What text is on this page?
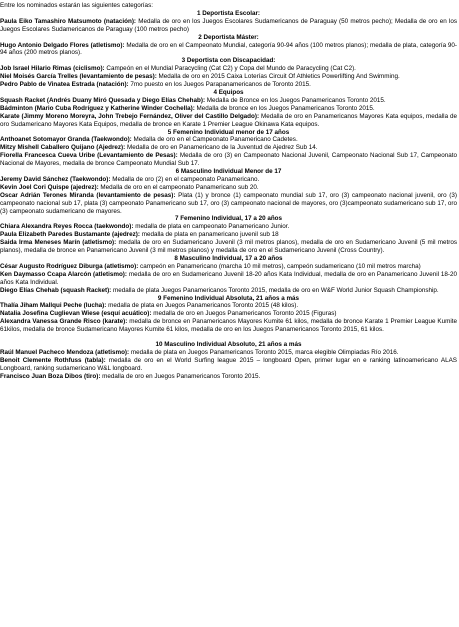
Entre los nominados estarán las siguientes categorías:

1 Deportista Escolar:

Paula Eiko Tamashiro Matsumoto (natación): Medalla de oro en los Juegos Escolares Sudamericanos de Paraguay (50 metros pecho); Medalla de oro en los Juegos Escolares Sudamericanos de Paraguay (100 metros pecho)

2 Deportista Máster:

Hugo Antonio Delgado Flores (atletismo): Medalla de oro en el Campeonato Mundial, categoría 90-94 años (100 metros planos); medalla de plata, categoría 90-94 años (200 metros planos).

3 Deportista con Discapacidad:

Job Israel Hilario Rimas (ciclismo): Campeón en el Mundial Paracycling (Cat C2) y Copa del Mundo de Paracycling (Cat C2).

Niel Moisés García Trelles (levantamiento de pesas): Medalla de oro en 2015 Caixa Loterías Circuit Of Athletics Powerlifting And Swimming.

Pedro Pablo de Vinatea Estrada (natación): 7mo puesto en los Juegos Parapanamericanos de Toronto 2015.

4 Equipos

Squash Racket (Andrés Duany Miró Quesada y Diego Elías Chehab): Medalla de Bronce en los Juegos Panamericanos Toronto 2015.

Bádminton (Mario Cuba Rodríguez y Katherine Winder Cochella): Medalla de bronce en los Juegos Panamericanos Toronto 2015.

Karate (Jimmy Moreno Moreyra, John Trebejo Fernández, Oliver del Castillo Delgado): Medalla de oro en Panamericanos Mayores Kata equipos, medalla de oro Sudamericano Mayores Kata Equipos, medalla de bronce en Karate 1 Premier League Okinawa Kata equipos.

5 Femenino Individual menor de 17 años

Anthoanet Sotomayor Granda (Taekwondo): Medalla de oro en el Campeonato Panamericano Cadetes.

Mitzy Mishell Caballero Quijano (Ajedrez): Medalla de oro en Panamericano de la Juventud de Ajedrez Sub 14.

Fiorella Francesca Cueva Uribe (Levantamiento de Pesas): Medalla de oro (3) en Campeonato Nacional Juvenil, Campeonato Nacional Sub 17, Campeonato Nacional de Mayores, medalla de bronce Campeonato Mundial Sub 17.

6 Masculino Individual Menor de 17

Jeremy David Sánchez (Taekwondo): Medalla de oro (2) en el campeonato Panamericano.

Kevin Joel Cori Quispe (ajedrez): Medalla de oro en el campeonato Panamericano sub 20.

Oscar Adrián Terones Miranda (levantamiento de pesas): Plata (1) y bronce (1) campeonato mundial sub 17, oro (3) campeonato nacional juvenil, oro (3) campeonato nacional sub 17, plata (3) campeonato Panamericano sub 17, oro (3) campeonato nacional de mayores, oro (3)campeonato sudamericano sub 17, oro (3) campeonato sudamericano de mayores.

7 Femenino Individual, 17 a 20 años

Chiara Alexandra Reyes Rocca (taekwondo): medalla de plata en campeonato Panamericano Junior.

Paula Elizabeth Paredes Bustamante (ajedrez): medalla de plata en panamericano juvenil sub 18

Saida Irma Meneses Marín (atletismo): medalla de oro en Sudamericano Juvenil (3 mil metros planos), medalla de oro en Sudamericano Juvenil (5 mil metros planos), medalla de bronce en Panamericano Juvenil (3 mil metros planos) y medalla de oro en el Sudamericano Juvenil (Cross Country).

8 Masculino Individual, 17 a 20 años

César Augusto Rodríguez Diburga (atletismo): campeón en Panamericano (marcha 10 mil metros), campeón sudamericano (10 mil metros marcha)

Ken Daymasso Ccapa Alarcón (atletismo): medalla de oro en Sudamericano Juvenil 18-20 años Kata Individual, medalla de oro en Panamericano Juvenil 18-20 años Kata Individual.

Diego Elías Chehab (squash Racket): medalla de plata Juegos Panamericanos Toronto 2015, medalla de oro en W&F World Junior Squash Championship.

9 Femenino Individual Absoluta, 21 años a más

Thalía Jiham Mallqui Peche (lucha): medalla de plata en Juegos Panamericanos Toronto 2015 (48 kilos).

Natalia Josefina Cuglievan Wiese (esquí acuático): medalla de oro en Juegos Panamericanos Toronto 2015 (Figuras)

Alexandra Vanessa Grande Risco (karate): medalla de bronce en Panamericanos Mayores Kumite 61 kilos, medalla de bronce Karate 1 Premier League Kumite 61kilos, medalla de bronce Sudamericano Mayores Kumite 61 kilos, medalla de oro en los Juegos Panamericanos Toronto 2015, 61 kilos.

10 Masculino Individual Absoluto, 21 años a más

Raúl Manuel Pacheco Mendoza (atletismo): medalla de plata en Juegos Panamericanos Toronto 2015, marca elegible Olimpiadas Río 2016.

Benoit Clemente Rothfuss (tabla): medalla de oro en el World Surfing league 2015 – longboard Open, primer lugar en e ranking latinoamericano ALAS Longboard, ranking sudamericano W&L longboard.

Francisco Juan Boza Dibos (tiro): medalla de oro en Juegos Panamericanos Toronto 2015.
